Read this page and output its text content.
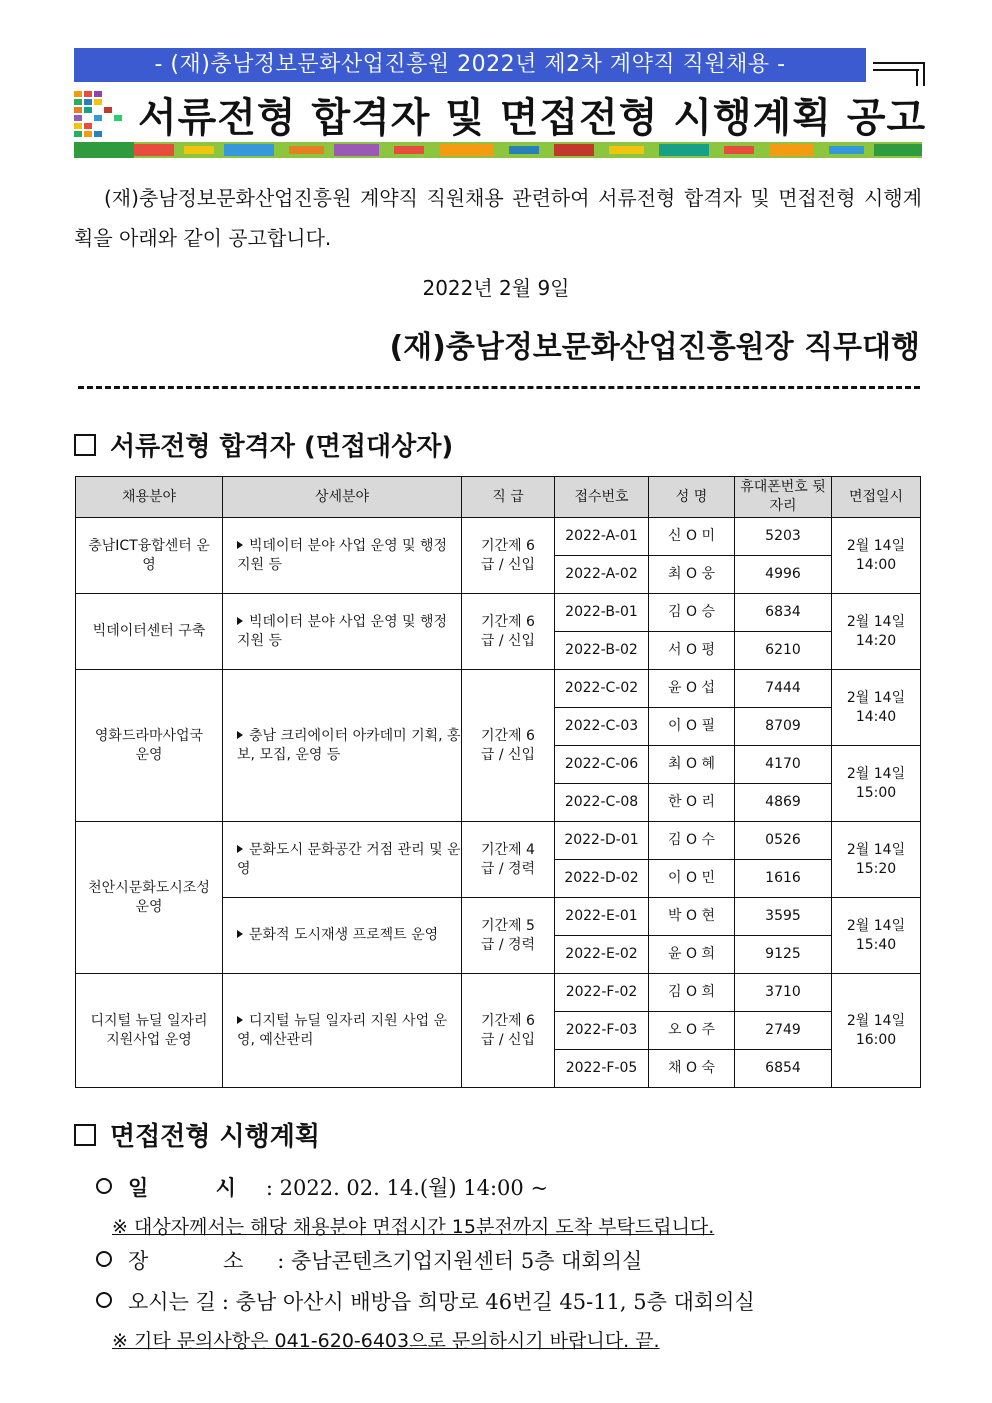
- (재)충남정보문화산업진흥원 2022년 제2차 계약직 직원채용 -
서류전형 합격자 및 면접전형 시행계획 공고
(재)충남정보문화산업진흥원 계약직 직원채용 관련하여 서류전형 합격자 및 면접전형 시행계획을 아래와 같이 공고합니다.
2022년 2월 9일
(재)충남정보문화산업진흥원장 직무대행
서류전형 합격자 (면접대상자)
채용분야	상세분야	직 급	접수번호	성 명	휴대폰번호 뒷자리	면접일시
충남ICT융합센터 운영	빅데이터 분야 사업 운영 및 행정 지원 등	기간제 6급 / 신입	2022-A-01	신 O 미	5203	2월 14일 14:00
			2022-A-02	최 O 웅	4996	
빅데이터센터 구축	빅데이터 분야 사업 운영 및 행정 지원 등	기간제 6급 / 신입	2022-B-01	김 O 승	6834	2월 14일 14:20
			2022-B-02	서 O 평	6210	
영화드라마사업국 운영	충남 크리에이터 아카데미 기획, 홍보, 모집, 운영 등	기간제 6급 / 신입	2022-C-02	윤 O 섭	7444	2월 14일 14:40
			2022-C-03	이 O 필	8709	
			2022-C-06	최 O 혜	4170	2월 14일 15:00
			2022-C-08	한 O 리	4869	
천안시문화도시조성 운영	문화도시 문화공간 거점 관리 및 운영	기간제 4급 / 경력	2022-D-01	김 O 수	0526	2월 14일 15:20
			2022-D-02	이 O 민	1616	
	문화적 도시재생 프로젝트 운영	기간제 5급 / 경력	2022-E-01	박 O 현	3595	2월 14일 15:40
			2022-E-02	윤 O 희	9125	
디지털 뉴딜 일자리 지원사업 운영	디지털 뉴딜 일자리 지원 사업 운영, 예산관리	기간제 6급 / 신입	2022-F-02	김 O 희	3710	2월 14일 16:00
			2022-F-03	오 O 주	2749	
			2022-F-05	채 O 숙	6854	
면접전형 시행계획
일 시: 2022. 02. 14.(월) 14:00 ~
※ 대상자께서는 해당 채용분야 면접시간 15분전까지 도착 부탁드립니다.
장 소: 충남콘텐츠기업지원센터 5층 대회의실
오시는 길 : 충남 아산시 배방읍 희망로 46번길 45-11, 5층 대회의실
※ 기타 문의사항은 041-620-6403으로 문의하시기 바랍니다. 끝.
